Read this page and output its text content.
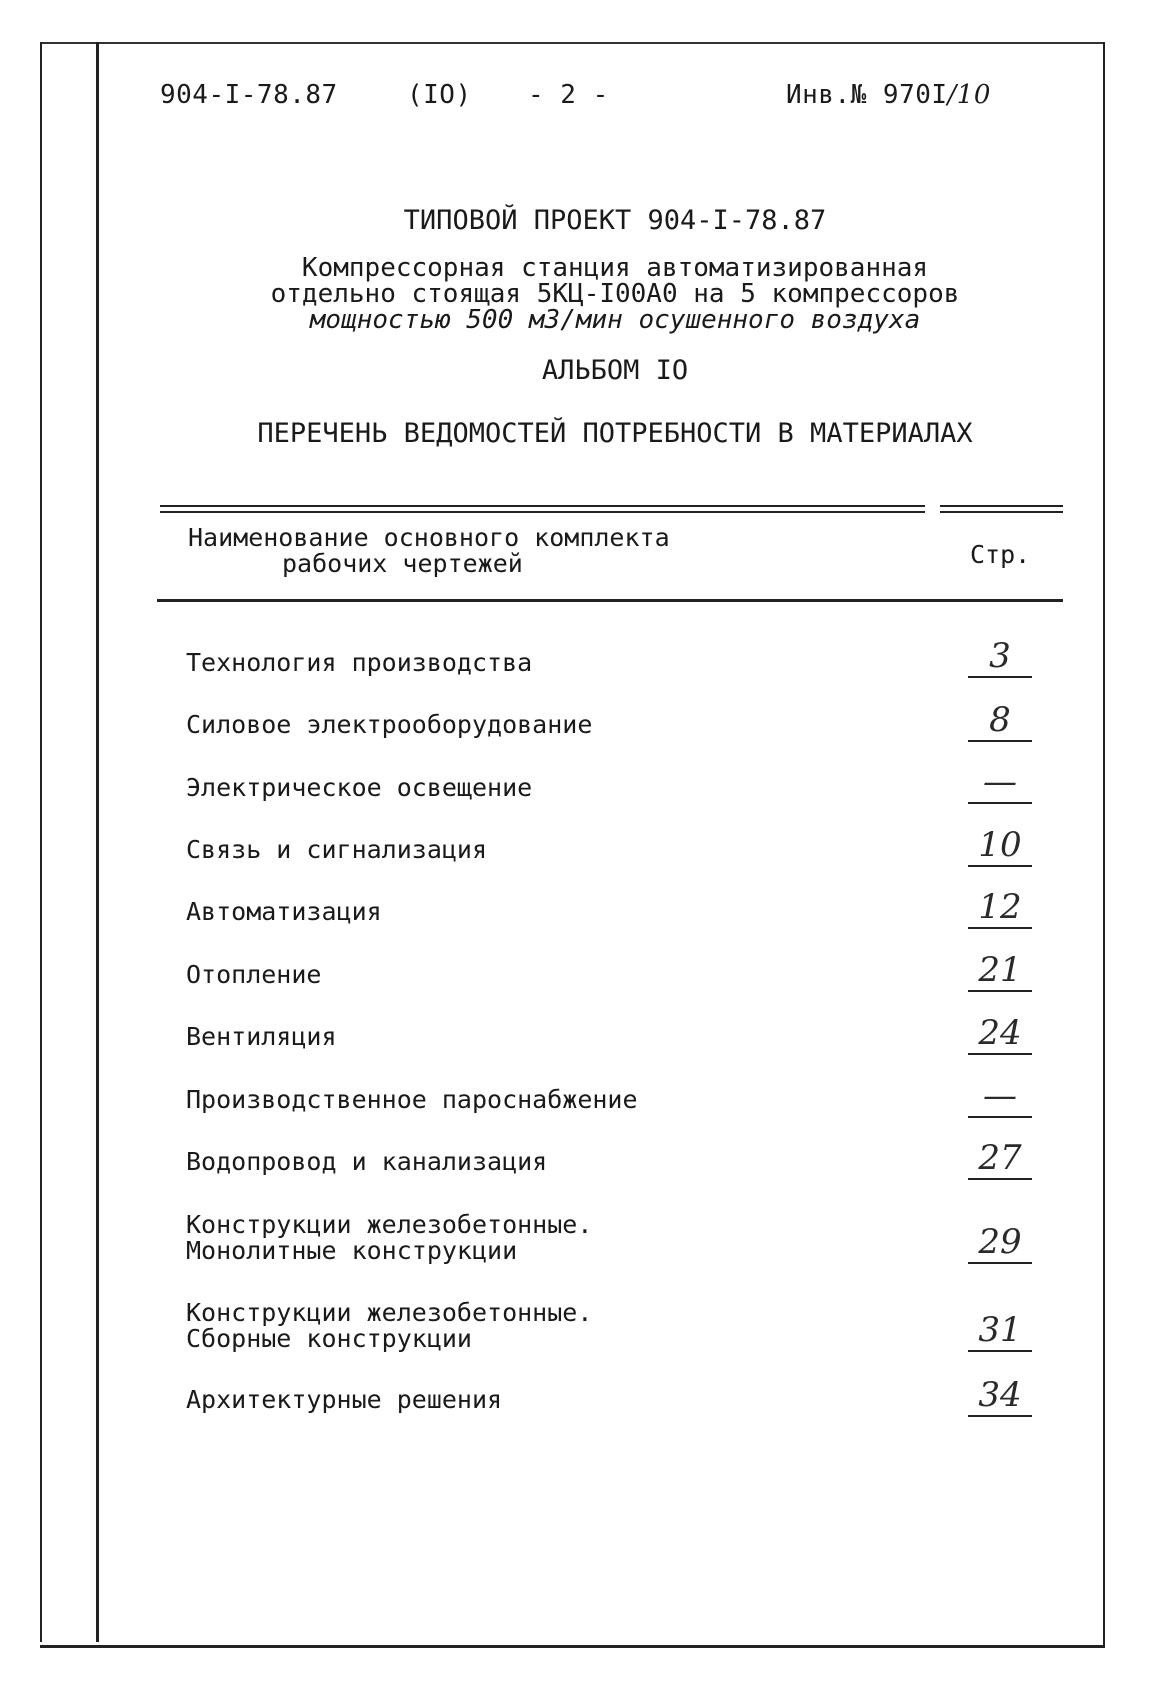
904-I-78.87	(IO) - 2 -	Инв.№ 970I/10
ТИПОВОЙ ПРОЕКТ 904-I-78.87
Компрессорная станция автоматизированная
отдельно стоящая 5КЦ-I00А0 на 5 компрессоров
мощностью 500 м3/мин осушенного воздуха
АЛЬБОМ IO
ПЕРЕЧЕНЬ ВЕДОМОСТЕЙ ПОТРЕБНОСТИ В МАТЕРИАЛАХ
Наименование основного комплекта
рабочих чертежей	Стр.
Технология производства	3
Силовое электрооборудование	8
Электрическое освещение	—
Связь и сигнализация	10
Автоматизация	12
Отопление	21
Вентиляция	24
Производственное пароснабжение	—
Водопровод и канализация	27
Конструкции железобетонные.
Монолитные конструкции	29
Конструкции железобетонные.
Сборные конструкции	31
Архитектурные решения	34
